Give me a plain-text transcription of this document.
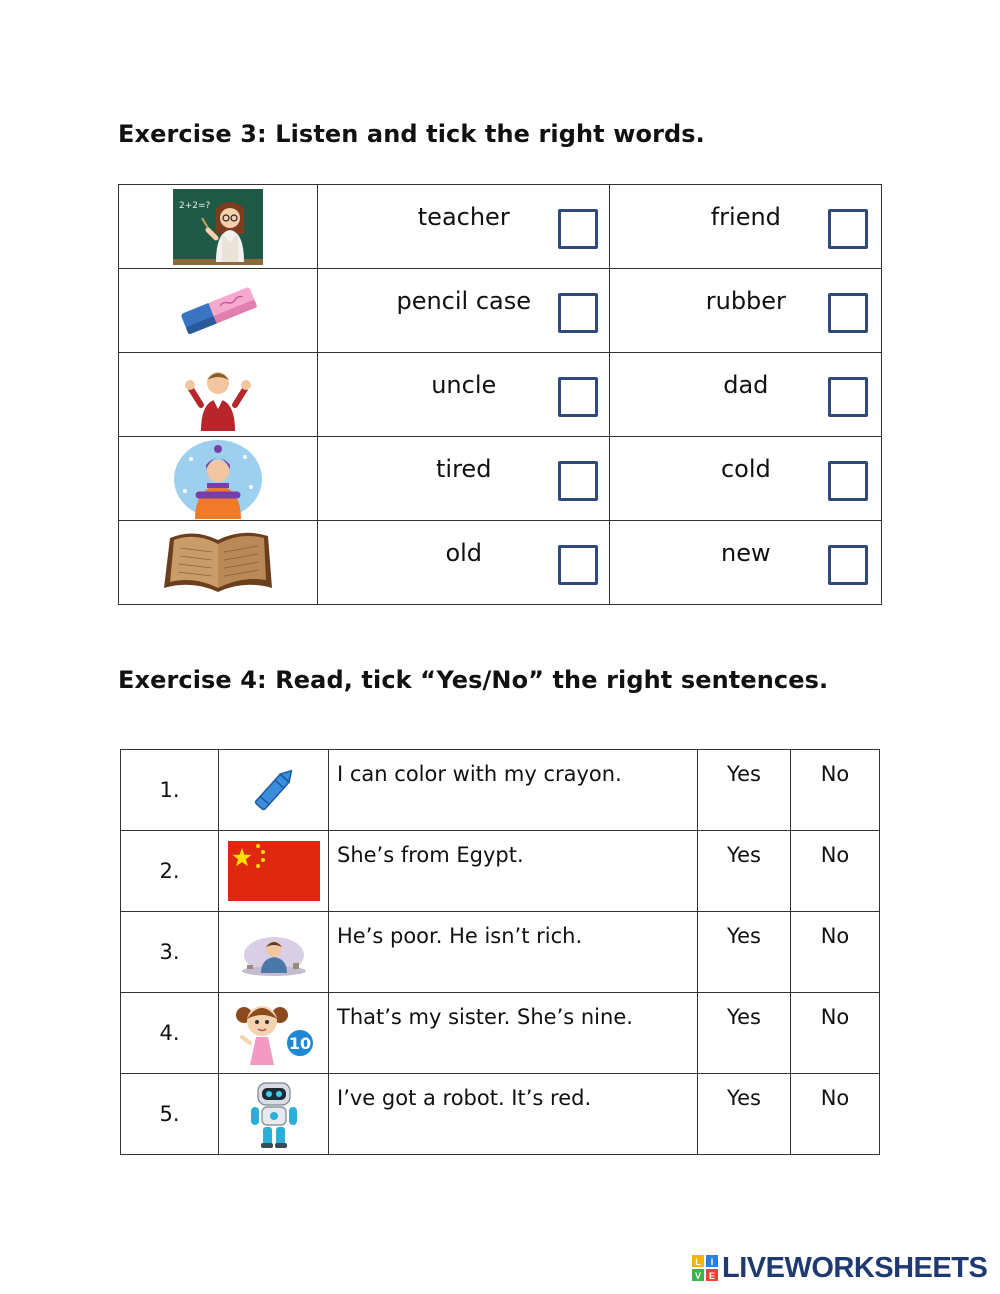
Exercise 3: Listen and tick the right words.
2+2=?	teacher	friend

pencil case	rubber

uncle	dad

tired	cold

old	new
Exercise 4: Read, tick “Yes/No” the right sentences.
1.		I can color with my crayon.	Yes	No
2.		She’s from Egypt.	Yes	No
3.		He’s poor. He isn’t rich.	Yes	No
4.	10	That’s my sister. She’s nine.	Yes	No
5.		I’ve got a robot. It’s red.	Yes	No
L I
V E LIVEWORKSHEETS
